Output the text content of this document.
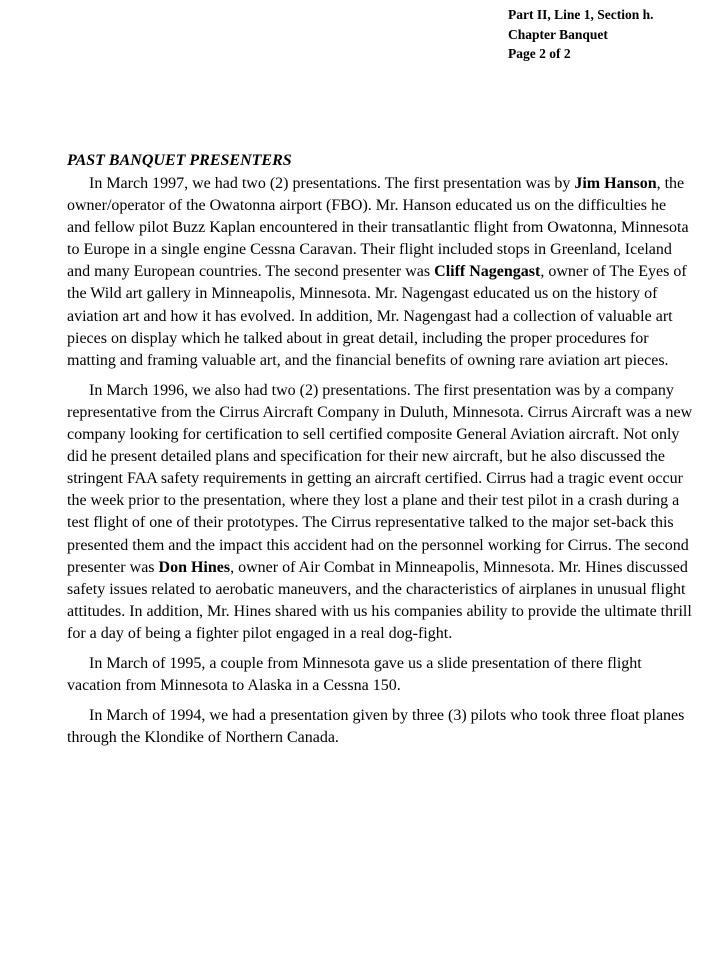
Part II, Line 1, Section h.
Chapter Banquet
Page 2 of 2
PAST BANQUET PRESENTERS

In March 1997, we had two (2) presentations. The first presentation was by Jim Hanson, the owner/operator of the Owatonna airport (FBO). Mr. Hanson educated us on the difficulties he and fellow pilot Buzz Kaplan encountered in their transatlantic flight from Owatonna, Minnesota to Europe in a single engine Cessna Caravan. Their flight included stops in Greenland, Iceland and many European countries. The second presenter was Cliff Nagengast, owner of The Eyes of the Wild art gallery in Minneapolis, Minnesota. Mr. Nagengast educated us on the history of aviation art and how it has evolved. In addition, Mr. Nagengast had a collection of valuable art pieces on display which he talked about in great detail, including the proper procedures for matting and framing valuable art, and the financial benefits of owning rare aviation art pieces.

In March 1996, we also had two (2) presentations. The first presentation was by a company representative from the Cirrus Aircraft Company in Duluth, Minnesota. Cirrus Aircraft was a new company looking for certification to sell certified composite General Aviation aircraft. Not only did he present detailed plans and specification for their new aircraft, but he also discussed the stringent FAA safety requirements in getting an aircraft certified. Cirrus had a tragic event occur the week prior to the presentation, where they lost a plane and their test pilot in a crash during a test flight of one of their prototypes. The Cirrus representative talked to the major set-back this presented them and the impact this accident had on the personnel working for Cirrus. The second presenter was Don Hines, owner of Air Combat in Minneapolis, Minnesota. Mr. Hines discussed safety issues related to aerobatic maneuvers, and the characteristics of airplanes in unusual flight attitudes. In addition, Mr. Hines shared with us his companies ability to provide the ultimate thrill for a day of being a fighter pilot engaged in a real dog-fight.

In March of 1995, a couple from Minnesota gave us a slide presentation of there flight vacation from Minnesota to Alaska in a Cessna 150.

In March of 1994, we had a presentation given by three (3) pilots who took three float planes through the Klondike of Northern Canada.
